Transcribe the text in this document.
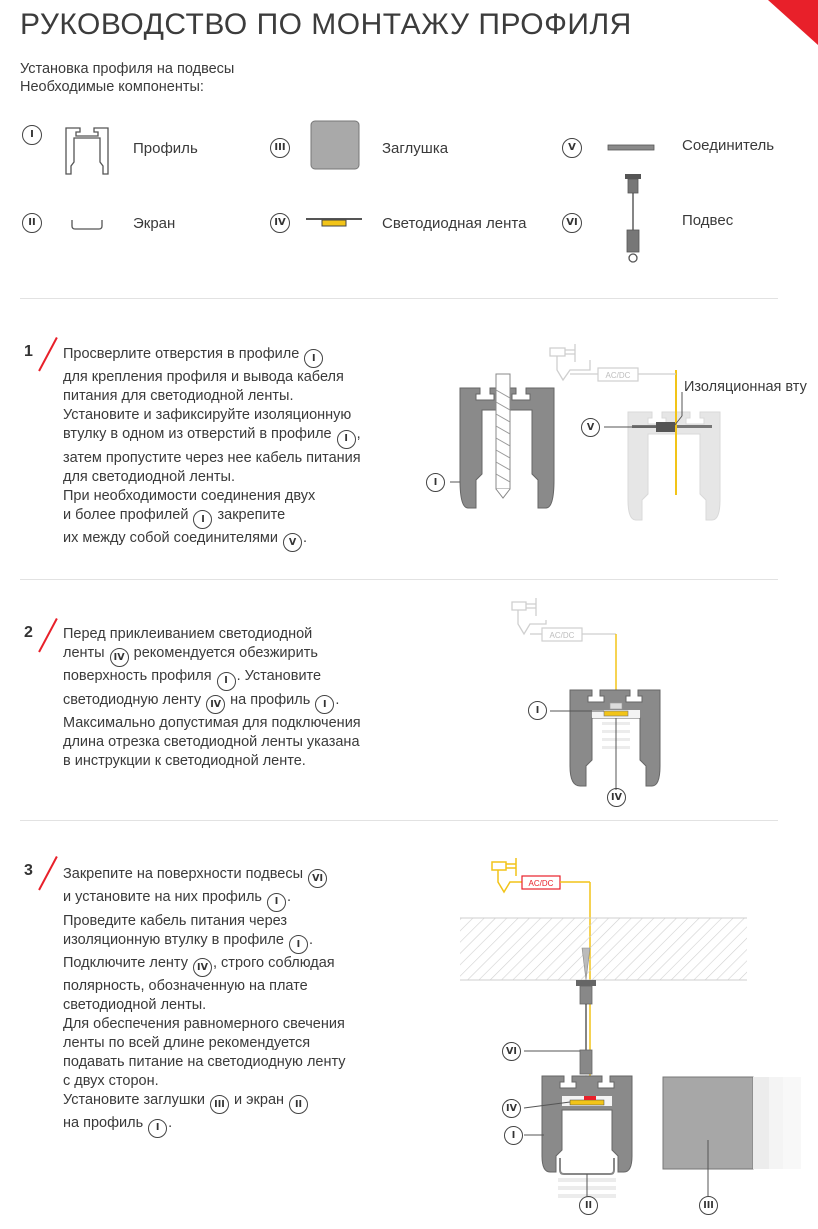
РУКОВОДСТВО ПО МОНТАЖУ ПРОФИЛЯ
Установка профиля на подвесы
Необходимые компоненты:
I
Профиль
II	Экран
III	Заглушка
IV	Светодиодная лента
V	Соединитель
VI	Подвес
1 Просверлите отверстия в профиле I

для крепления профиля и вывода кабеля

питания для светодиодной ленты.

Установите и зафиксируйте изоляционную

втулку в одном из отверстий в профиле I ,

затем пропустите через нее кабель питания

для светодиодной ленты.

При необходимости соединения двух

и более профилей I закрепите

их между собой соединителями V .

AC/DC
Изоляционная вту
I
V
2 Перед приклеиванием светодиодной

ленты IV рекомендуется обезжирить

поверхность профиля I . Установите

светодиодную ленту IV на профиль I .

Максимально допустимая для подключения

длина отрезка светодиодной ленты указана

в инструкции к светодиодной ленте.

AC/DC
I
IV
3 Закрепите на поверхности подвесы VI

и установите на них профиль I .

Проведите кабель питания через

изоляционную втулку в профиле I .

Подключите ленту IV , строго соблюдая

полярность, обозначенную на плате

светодиодной ленты.

Для обеспечения равномерного свечения

ленты по всей длине рекомендуется

подавать питание на светодиодную ленту

с двух сторон.

Установите заглушки III и экран II

на профиль I .

AC/DC
VI
IV
I
II	III
